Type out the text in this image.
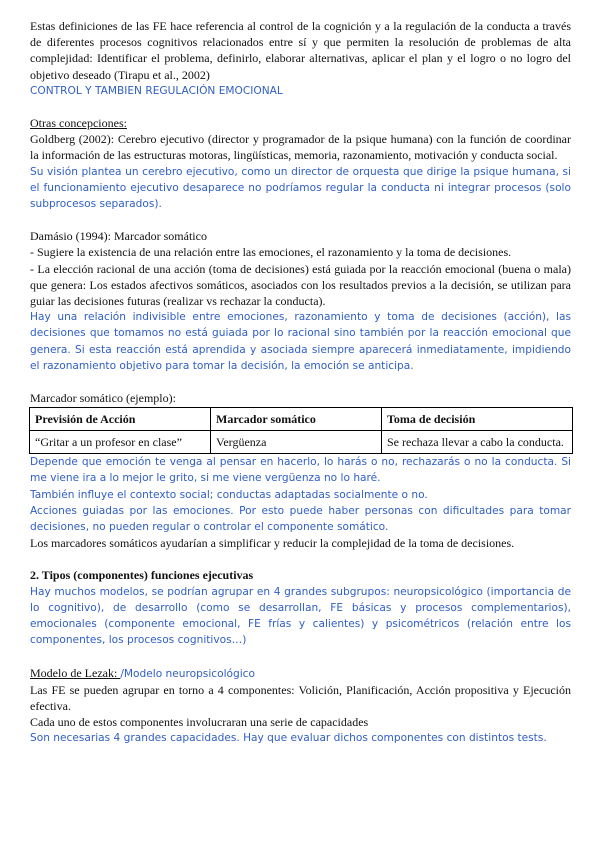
Estas definiciones de las FE hace referencia al control de la cognición y a la regulación de la conducta a través de diferentes procesos cognitivos relacionados entre sí y que permiten la resolución de problemas de alta complejidad: Identificar el problema, definirlo, elaborar alternativas, aplicar el plan y el logro o no logro del objetivo deseado (Tirapu et al., 2002)

CONTROL Y TAMBIEN REGULACIÓN EMOCIONAL

Otras concepciones:

Goldberg (2002): Cerebro ejecutivo (director y programador de la psique humana) con la función de coordinar la información de las estructuras motoras, lingüísticas, memoria, razonamiento, motivación y conducta social.

Su visión plantea un cerebro ejecutivo, como un director de orquesta que dirige la psique humana, si el funcionamiento ejecutivo desaparece no podríamos regular la conducta ni integrar procesos (solo subprocesos separados).

Damásio (1994): Marcador somático

- Sugiere la existencia de una relación entre las emociones, el razonamiento y la toma de decisiones.

- La elección racional de una acción (toma de decisiones) está guiada por la reacción emocional (buena o mala) que genera: Los estados afectivos somáticos, asociados con los resultados previos a la decisión, se utilizan para guiar las decisiones futuras (realizar vs rechazar la conducta).

Hay una relación indivisible entre emociones, razonamiento y toma de decisiones (acción), las decisiones que tomamos no está guiada por lo racional sino también por la reacción emocional que genera. Si esta reacción está aprendida y asociada siempre aparecerá inmediatamente, impidiendo el razonamiento objetivo para tomar la decisión, la emoción se anticipa.

Marcador somático (ejemplo):

Previsión de Acción	Marcador somático	Toma de decisión
“Gritar a un profesor en clase”	Vergüenza	Se rechaza llevar a cabo la conducta.

Depende que emoción te venga al pensar en hacerlo, lo harás o no, rechazarás o no la conducta. Si me viene ira a lo mejor le grito, si me viene vergüenza no lo haré.

También influye el contexto social; conductas adaptadas socialmente o no.

Acciones guiadas por las emociones. Por esto puede haber personas con dificultades para tomar decisiones, no pueden regular o controlar el componente somático.

Los marcadores somáticos ayudarían a simplificar y reducir la complejidad de la toma de decisiones.

2. Tipos (componentes) funciones ejecutivas

Hay muchos modelos, se podrían agrupar en 4 grandes subgrupos: neuropsicológico (importancia de lo cognitivo), de desarrollo (como se desarrollan, FE básicas y procesos complementarios), emocionales (componente emocional, FE frías y calientes) y psicométricos (relación entre los componentes, los procesos cognitivos…)

Modelo de Lezak: /Modelo neuropsicológico

Las FE se pueden agrupar en torno a 4 componentes: Volición, Planificación, Acción propositiva y Ejecución efectiva.

Cada uno de estos componentes involucraran una serie de capacidades

Son necesarias 4 grandes capacidades. Hay que evaluar dichos componentes con distintos tests.
